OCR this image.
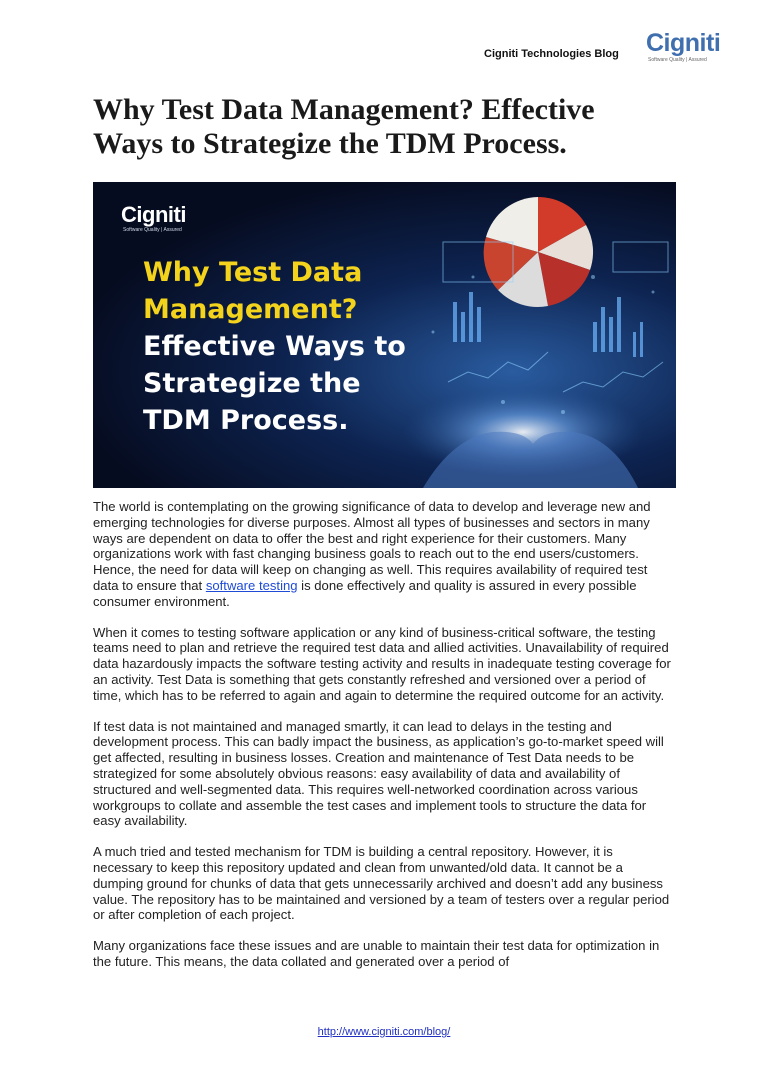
Cigniti Technologies Blog Cigniti
Software Quality | Assured
Why Test Data Management? Effective
Ways to Strategize the TDM Process.
Cigniti
Software Quality | Assured
Why Test Data
Management?
Effective Ways to
Strategize the
TDM Process.

The world is contemplating on the growing significance of data to develop and leverage new and emerging technologies for diverse purposes. Almost all types of businesses and sectors in many ways are dependent on data to offer the best and right experience for their customers. Many organizations work with fast changing business goals to reach out to the end users/customers. Hence, the need for data will keep on changing as well. This requires availability of required test data to ensure that software testing is done effectively and quality is assured in every possible consumer environment.

When it comes to testing software application or any kind of business-critical software, the testing teams need to plan and retrieve the required test data and allied activities. Unavailability of required data hazardously impacts the software testing activity and results in inadequate testing coverage for an activity. Test Data is something that gets constantly refreshed and versioned over a period of time, which has to be referred to again and again to determine the required outcome for an activity.

If test data is not maintained and managed smartly, it can lead to delays in the testing and development process. This can badly impact the business, as application’s go-to-market speed will get affected, resulting in business losses. Creation and maintenance of Test Data needs to be strategized for some absolutely obvious reasons: easy availability of data and availability of structured and well-segmented data. This requires well-networked coordination across various workgroups to collate and assemble the test cases and implement tools to structure the data for easy availability.

A much tried and tested mechanism for TDM is building a central repository. However, it is necessary to keep this repository updated and clean from unwanted/old data. It cannot be a dumping ground for chunks of data that gets unnecessarily archived and doesn’t add any business value. The repository has to be maintained and versioned by a team of testers over a regular period or after completion of each project.

Many organizations face these issues and are unable to maintain their test data for optimization in the future. This means, the data collated and generated over a period of

http://www.cigniti.com/blog/
